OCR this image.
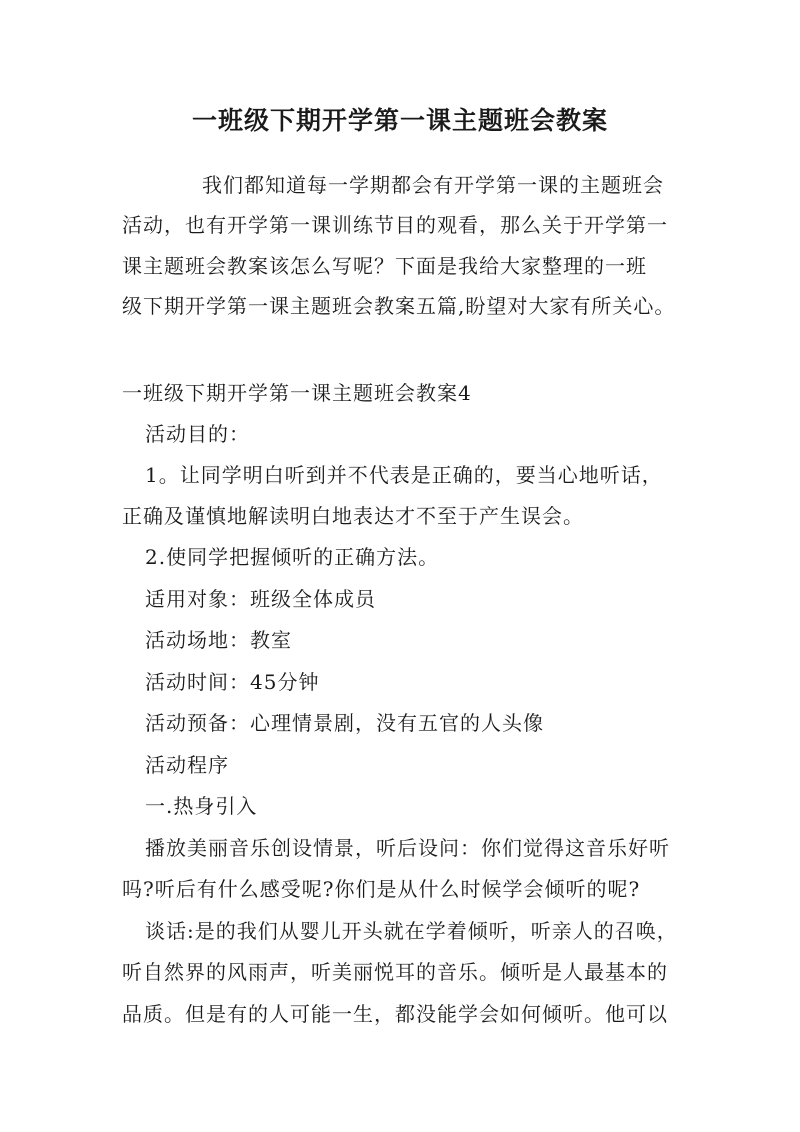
一班级下期开学第一课主题班会教案
我们都知道每一学期都会有开学第一课的主题班会
活动，也有开学第一课训练节目的观看，那么关于开学第一
课主题班会教案该怎么写呢？下面是我给大家整理的一班
级下期开学第一课主题班会教案五篇,盼望对大家有所关心。
一班级下期开学第一课主题班会教案4
活动目的：
1。让同学明白听到并不代表是正确的，要当心地听话，
正确及谨慎地解读明白地表达才不至于产生误会。
2.使同学把握倾听的正确方法。
适用对象：班级全体成员
活动场地：教室
活动时间：45分钟
活动预备：心理情景剧，没有五官的人头像
活动程序
一.热身引入
播放美丽音乐创设情景，听后设问：你们觉得这音乐好听
吗?听后有什么感受呢?你们是从什么时候学会倾听的呢?
谈话:是的我们从婴儿开头就在学着倾听，听亲人的召唤，
听自然界的风雨声，听美丽悦耳的音乐。倾听是人最基本的
品质。但是有的人可能一生，都没能学会如何倾听。他可以
